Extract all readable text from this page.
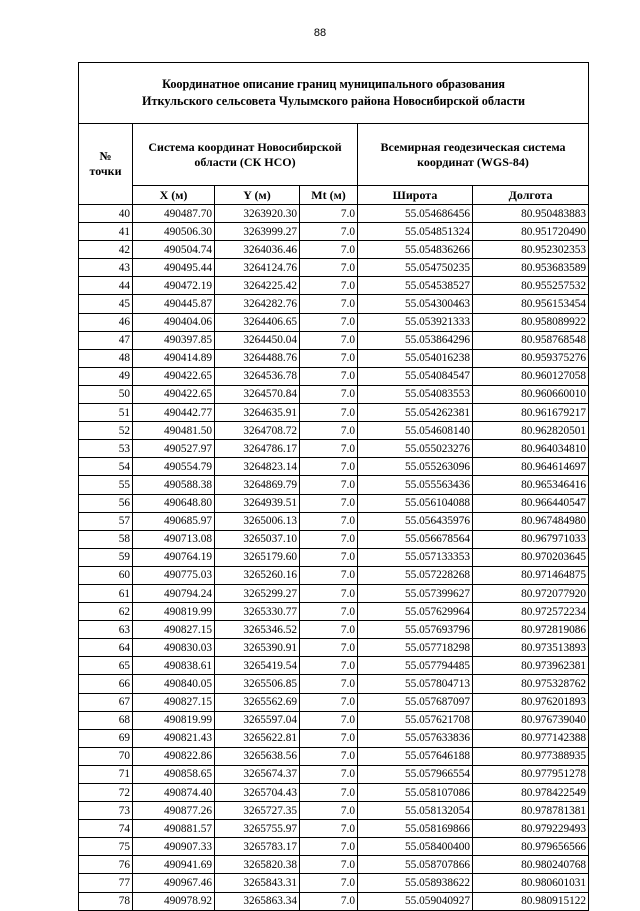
88
Координатное описание границ муниципального образования
Иткульского сельсовета Чулымского района Новосибирской области					
№
точки	Система координат Новосибирской
области (СК НСО)			Всемирная геодезическая система
координат (WGS-84)	
	X (м)	Y (м)	Mt (м)	Широта	Долгота
40	490487.70	3263920.30	7.0	55.054686456	80.950483883
41	490506.30	3263999.27	7.0	55.054851324	80.951720490
42	490504.74	3264036.46	7.0	55.054836266	80.952302353
43	490495.44	3264124.76	7.0	55.054750235	80.953683589
44	490472.19	3264225.42	7.0	55.054538527	80.955257532
45	490445.87	3264282.76	7.0	55.054300463	80.956153454
46	490404.06	3264406.65	7.0	55.053921333	80.958089922
47	490397.85	3264450.04	7.0	55.053864296	80.958768548
48	490414.89	3264488.76	7.0	55.054016238	80.959375276
49	490422.65	3264536.78	7.0	55.054084547	80.960127058
50	490422.65	3264570.84	7.0	55.054083553	80.960660010
51	490442.77	3264635.91	7.0	55.054262381	80.961679217
52	490481.50	3264708.72	7.0	55.054608140	80.962820501
53	490527.97	3264786.17	7.0	55.055023276	80.964034810
54	490554.79	3264823.14	7.0	55.055263096	80.964614697
55	490588.38	3264869.79	7.0	55.055563436	80.965346416
56	490648.80	3264939.51	7.0	55.056104088	80.966440547
57	490685.97	3265006.13	7.0	55.056435976	80.967484980
58	490713.08	3265037.10	7.0	55.056678564	80.967971033
59	490764.19	3265179.60	7.0	55.057133353	80.970203645
60	490775.03	3265260.16	7.0	55.057228268	80.971464875
61	490794.24	3265299.27	7.0	55.057399627	80.972077920
62	490819.99	3265330.77	7.0	55.057629964	80.972572234
63	490827.15	3265346.52	7.0	55.057693796	80.972819086
64	490830.03	3265390.91	7.0	55.057718298	80.973513893
65	490838.61	3265419.54	7.0	55.057794485	80.973962381
66	490840.05	3265506.85	7.0	55.057804713	80.975328762
67	490827.15	3265562.69	7.0	55.057687097	80.976201893
68	490819.99	3265597.04	7.0	55.057621708	80.976739040
69	490821.43	3265622.81	7.0	55.057633836	80.977142388
70	490822.86	3265638.56	7.0	55.057646188	80.977388935
71	490858.65	3265674.37	7.0	55.057966554	80.977951278
72	490874.40	3265704.43	7.0	55.058107086	80.978422549
73	490877.26	3265727.35	7.0	55.058132054	80.978781381
74	490881.57	3265755.97	7.0	55.058169866	80.979229493
75	490907.33	3265783.17	7.0	55.058400400	80.979656566
76	490941.69	3265820.38	7.0	55.058707866	80.980240768
77	490967.46	3265843.31	7.0	55.058938622	80.980601031
78	490978.92	3265863.34	7.0	55.059040927	80.980915122
